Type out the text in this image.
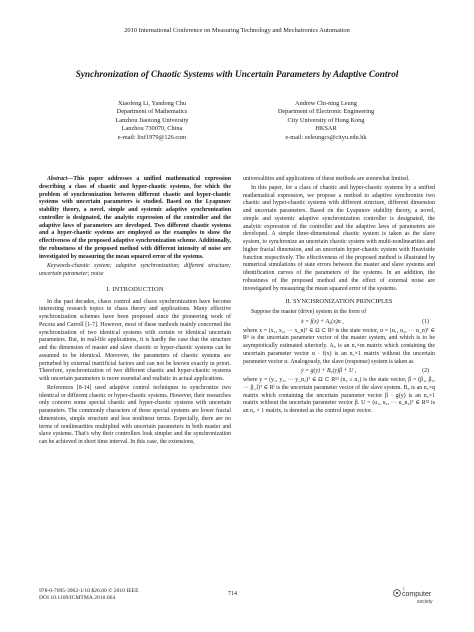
2010 International Conference on Measuring Technology and Mechatronics Automation
Synchronization of Chaotic Systems with Uncertain Parameters by Adaptive Control
Xiaofeng Li, Yandong Chu
Department of Mathematics
Lanzhou Jiaotong University
Lanzhou 730070, China
e-mail: lixf1979@126.com
Andrew Chi-ning Leung
Department of Electronic Engineering
City University of Hong Kong
HKSAR
e-mail: eeleungcs@cityu.edu.hk

Abstract—This paper addresses a unified mathematical expression describing a class of chaotic and hyper-chaotic systems, for which the problem of synchronization between different chaotic and hyper-chaotic systems with uncertain parameters is studied. Based on the Lyapunov stability theory, a novel, simple and systemic adaptive synchronization controller is designated, the analytic expression of the controller and the adaptive laws of parameters are developed. Two different chaotic systems and a hyper-chaotic systems are employed as the examples to show the effectiveness of the proposed adaptive synchronization scheme. Additionally, the robustness of the proposed method with different intensity of noise are investigated by measuring the mean squared error of the systems.

Keywords-chaotic system; adaptive synchronization; different structure; uncertain parameter; noise

I. INTRODUCTION

In the past decades, chaos control and chaos synchronization have become interesting research topics in chaos theory and applications. Many effective synchronization schemes have been proposed since the pioneering work of Pecora and Carroll [1-7]. However, most of these methods mainly concerned the synchronization of two identical systems with certain or identical uncertain parameters. But, in real-life applications, it is hardly the case that the structure and the dimension of master and slave chaotic or hyper-chaotic systems can be assumed to be identical. Moreover, the parameters of chaotic systems are perturbed by external inartificial factors and can not be known exactly in priori. Therefore, synchronization of two different chaotic and hyper-chaotic systems with uncertain parameters is more essential and realistic in actual applications.

References [8-14] used adaptive control techniques to synchronize two identical or different chaotic or hyper-chaotic systems. However, their researches only concern some special chaotic and hyper-chaotic systems with uncertain parameters. The commonly characters of these special systems are lower fractal dimensions, simple structure and less nonlinear terms. Especially, there are no terms of nonlinearities multiplied with uncertain parameters in both master and slave systems. That's why their controllers look simpler and the synchronization can be achieved in short time interval. In this case, the extensions,

universalities and applications of these methods are somewhat limited.

In this paper, for a class of chaotic and hyper-chaotic systems by a unified mathematical expression, we propose a method to adaptive synchronize two chaotic and hyper-chaotic systems with different structure, different dimension and uncertain parameters. Based on the Lyapunov stability theory, a novel, simple and systemic adaptive synchronization controller is designated, the analytic expression of the controller and the adaptive laws of parameters are developed. A simple three-dimensional chaotic system is taken as the slave system, to synchronize an uncertain chaotic system with multi-nonlinearities and higher fractal dimension, and an uncertain hyper-chaotic system with Heaviside function respectively. The effectiveness of the proposed method is illustrated by numerical simulations of state errors between the master and slave systems and identification curves of the parameters of the systems. In an addition, the robustness of the proposed method and the effect of external noise are investigated by measuring the mean squared error of the systems.

II. SYNCHRONIZATION PRINCIPLES

Suppose the master (drive) system in the form of

ẋ = f(x) + A₀(x)α ,	(1)

where x = (x₁, x₂, ··· x_n)ᵀ ∈ Ω ⊂ Rⁿ is the state vector, α = (α₁, α₂, ··· α_n)ᵀ ∈ Rⁿ is the uncertain parameter vector of the master system, and which is to be asymptotically estimated uiteriorly. A₀ is an n₁×m matrix which containing the uncertain parameter vector α · f(x) is an n₁×1 matrix without the uncertain parameter vector α. Analogously, the slave (response) system is taken as

ẏ = g(y) + B₀(y)β + U ,	(2)

where y = (y₁, y₂, ··· y_n₂)ᵀ ∈ Ω ⊂ Rⁿ² (n₂ ≤ n₁) is the state vector, β = (β₁, β₂, ··· β_l)ᵀ ∈ Rˡ is the uncertain parameter vector of the slave system. B₀ is an n₂×q matrix which containing the uncertain parameter vector β · g(y) is an n₂×1 matrix without the uncertain parameter vector β. U = (u₁, u₂, ··· u_n₂)ᵀ ∈ Rⁿ² is an n₂ × 1 matrix, is denoted as the control input vector.

978-0-7695-3962-1/10 $26.00 © 2010 IEEE
DOI 10.1109/ICMTMA.2010.664
714
❘
computer
society
